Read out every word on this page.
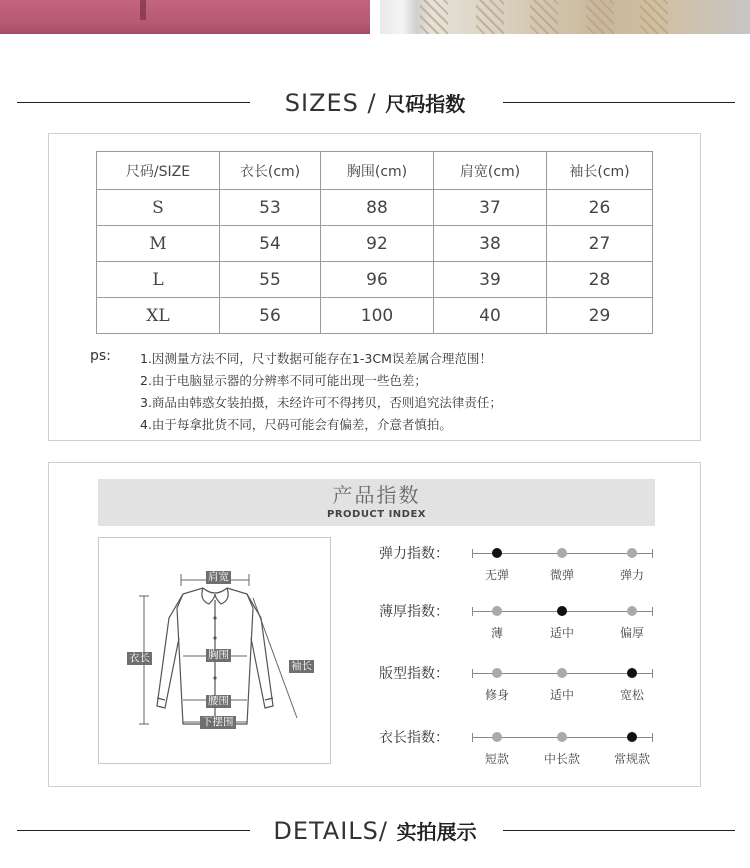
SIZES / 尺码指数
尺码/SIZE	衣长(cm)	胸围(cm)	肩宽(cm)	袖长(cm)
S	53	88	37	26
M	54	92	38	27
L	55	96	39	28
XL	56	100	40	29
ps: 1.因测量方法不同，尺寸数据可能存在1-3CM误差属合理范围！
2.由于电脑显示器的分辨率不同可能出现一些色差；
3.商品由韩惑女装拍摄，未经许可不得拷贝，否则追究法律责任；
4.由于每拿批货不同，尺码可能会有偏差，介意者慎拍。
产品指数
PRODUCT INDEX
肩宽
衣长	胸围
袖长
腰围
下摆围
弹力指数：
无弹	微弹	弹力
薄厚指数：
薄	适中	偏厚
版型指数：
修身	适中	宽松
衣长指数：
短款	中长款	常规款
DETAILS/ 实拍展示
